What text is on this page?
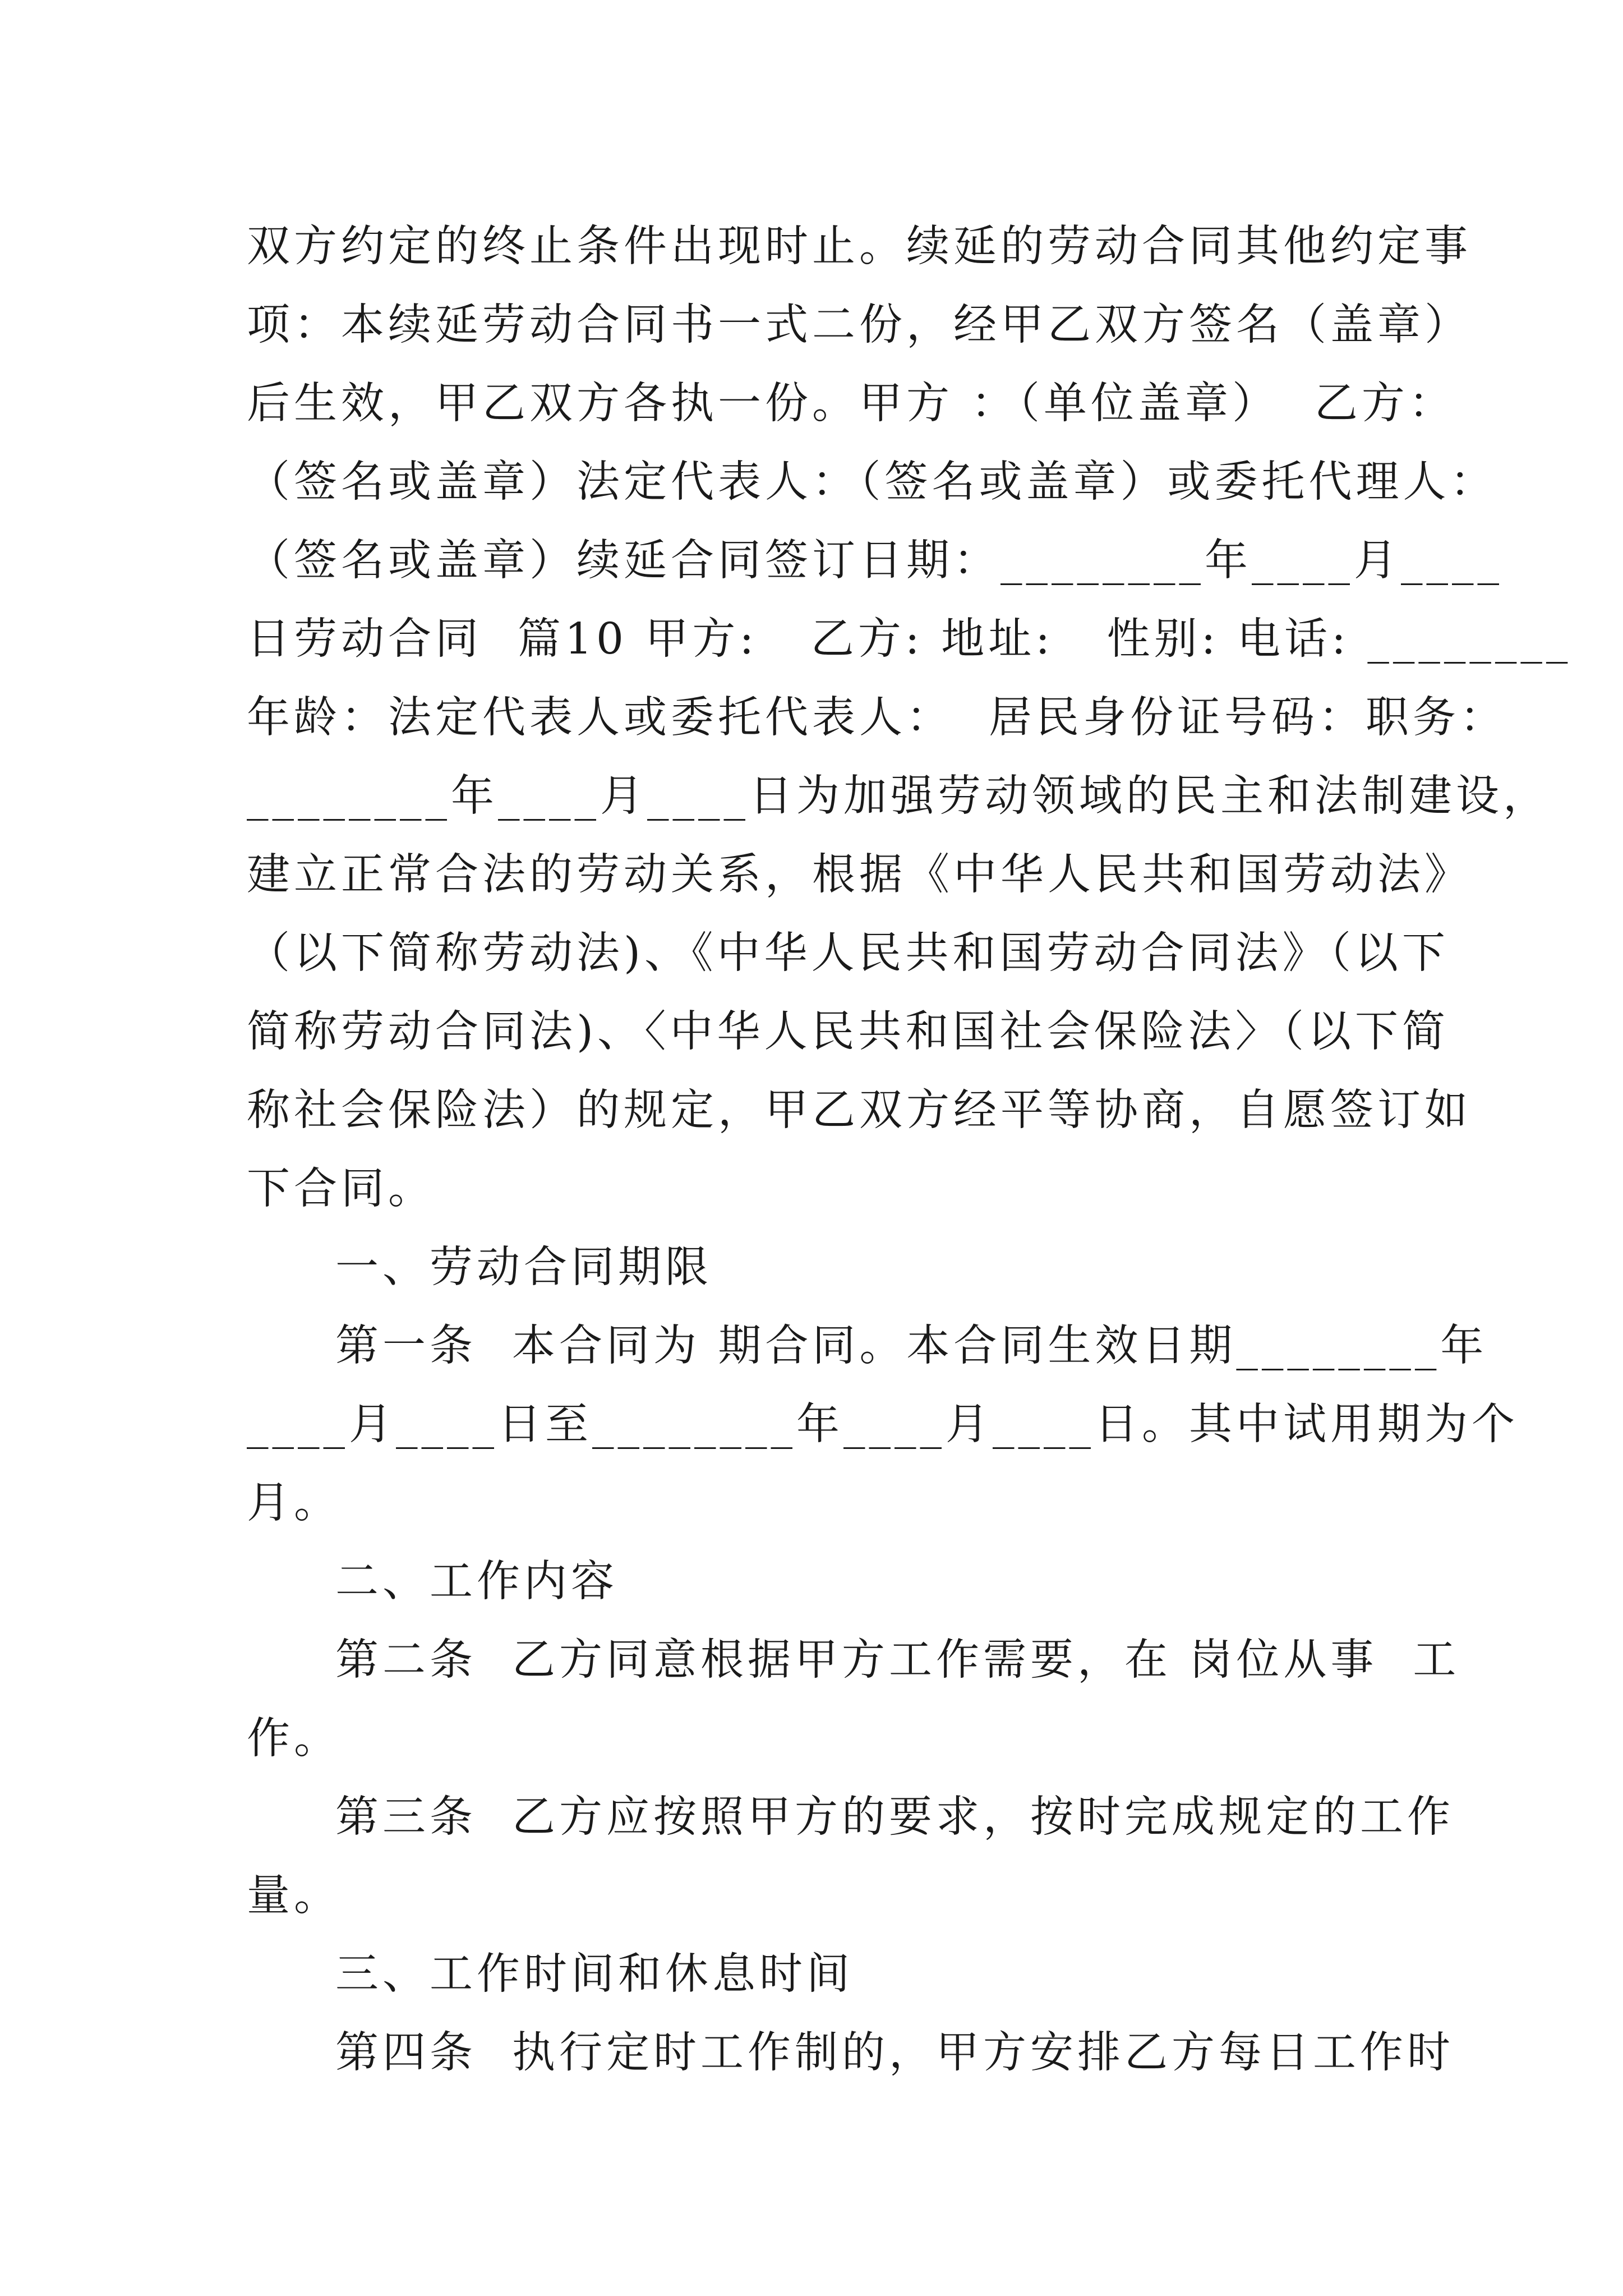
双方约定的终止条件出现时止。续延的劳动合同其他约定事
项：本续延劳动合同书一式二份，经甲乙双方签名（盖章）
后生效，甲乙双方各执一份。甲方 ：（单位盖章）  乙方：
（签名或盖章）法定代表人：（签名或盖章）或委托代理人：
（签名或盖章）续延合同签订日期：________年____月____
日劳动合同  篇10 甲方:   乙方: 地址:   性别: 电话: ________
年龄：法定代表人或委托代表人：  居民身份证号码：职务：
________年____月____日为加强劳动领域的民主和法制建设，
建立正常合法的劳动关系，根据《中华人民共和国劳动法》
（以下简称劳动法)、《中华人民共和国劳动合同法》（以下
简称劳动合同法)、〈中华人民共和国社会保险法〉（以下简
称社会保险法）的规定，甲乙双方经平等协商，自愿签订如
下合同。
一、劳动合同期限
第一条  本合同为 期合同。本合同生效日期________年
____月____日至________年____月____日。其中试用期为个
月。
二、工作内容
第二条  乙方同意根据甲方工作需要，在 岗位从事  工
作。
第三条  乙方应按照甲方的要求，按时完成规定的工作
量。
三、工作时间和休息时间
第四条  执行定时工作制的，甲方安排乙方每日工作时
